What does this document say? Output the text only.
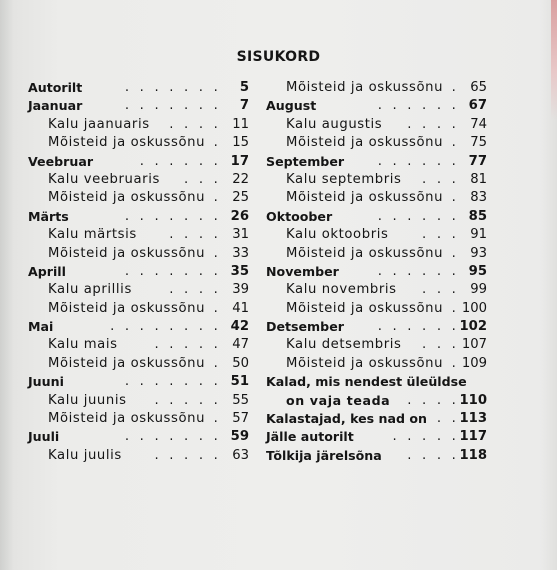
SISUKORD
Autorilt	. . . . . . . 5
Jaanuar	. . . . . . . 7
Kalu jaanuaris . . . . 11
Mõisteid ja oskussõnu . 15
Veebruar	. . . . . . 17
Kalu veebruaris . . . 22
Mõisteid ja oskussõnu . 25
Märts	. . . . . . . 26
Kalu märtsis . . . . 31
Mõisteid ja oskussõnu . 33
Aprill	. . . . . . . 35
Kalu aprillis	. . . . 39
Mõisteid ja oskussõnu . 41
Mai	. . . . . . . . 42
Kalu mais	. . . . . 47
Mõisteid ja oskussõnu . 50
Juuni	. . . . . . . 51
Kalu juunis . . . . . 55
Mõisteid ja oskussõnu . 57
Juuli	. . . . . . . 59
Kalu juulis . . . . . 63
Mõisteid ja oskussõnu . 65
August	. . . . . . 67
Kalu augustis . . . . 74
Mõisteid ja oskussõnu . 75
September	. . . . . . 77
Kalu septembris . . . 81
Mõisteid ja oskussõnu . 83
Oktoober	. . . . . . 85
Kalu oktoobris	. . . 91
Mõisteid ja oskussõnu . 93
November	. . . . . . 95
Kalu novembris . . . 99
Mõisteid ja oskussõnu . 100
Detsember	. . . . . . 102
Kalu detsembris . . . 107
Mõisteid ja oskussõnu . 109
Kalad, mis nendest üleüldse
on vaja teada . . . . 110
Kalastajad, kes nad on . . 113
Jälle autorilt	. . . . . 117
Tõlkija järelsõna . . . . 118
